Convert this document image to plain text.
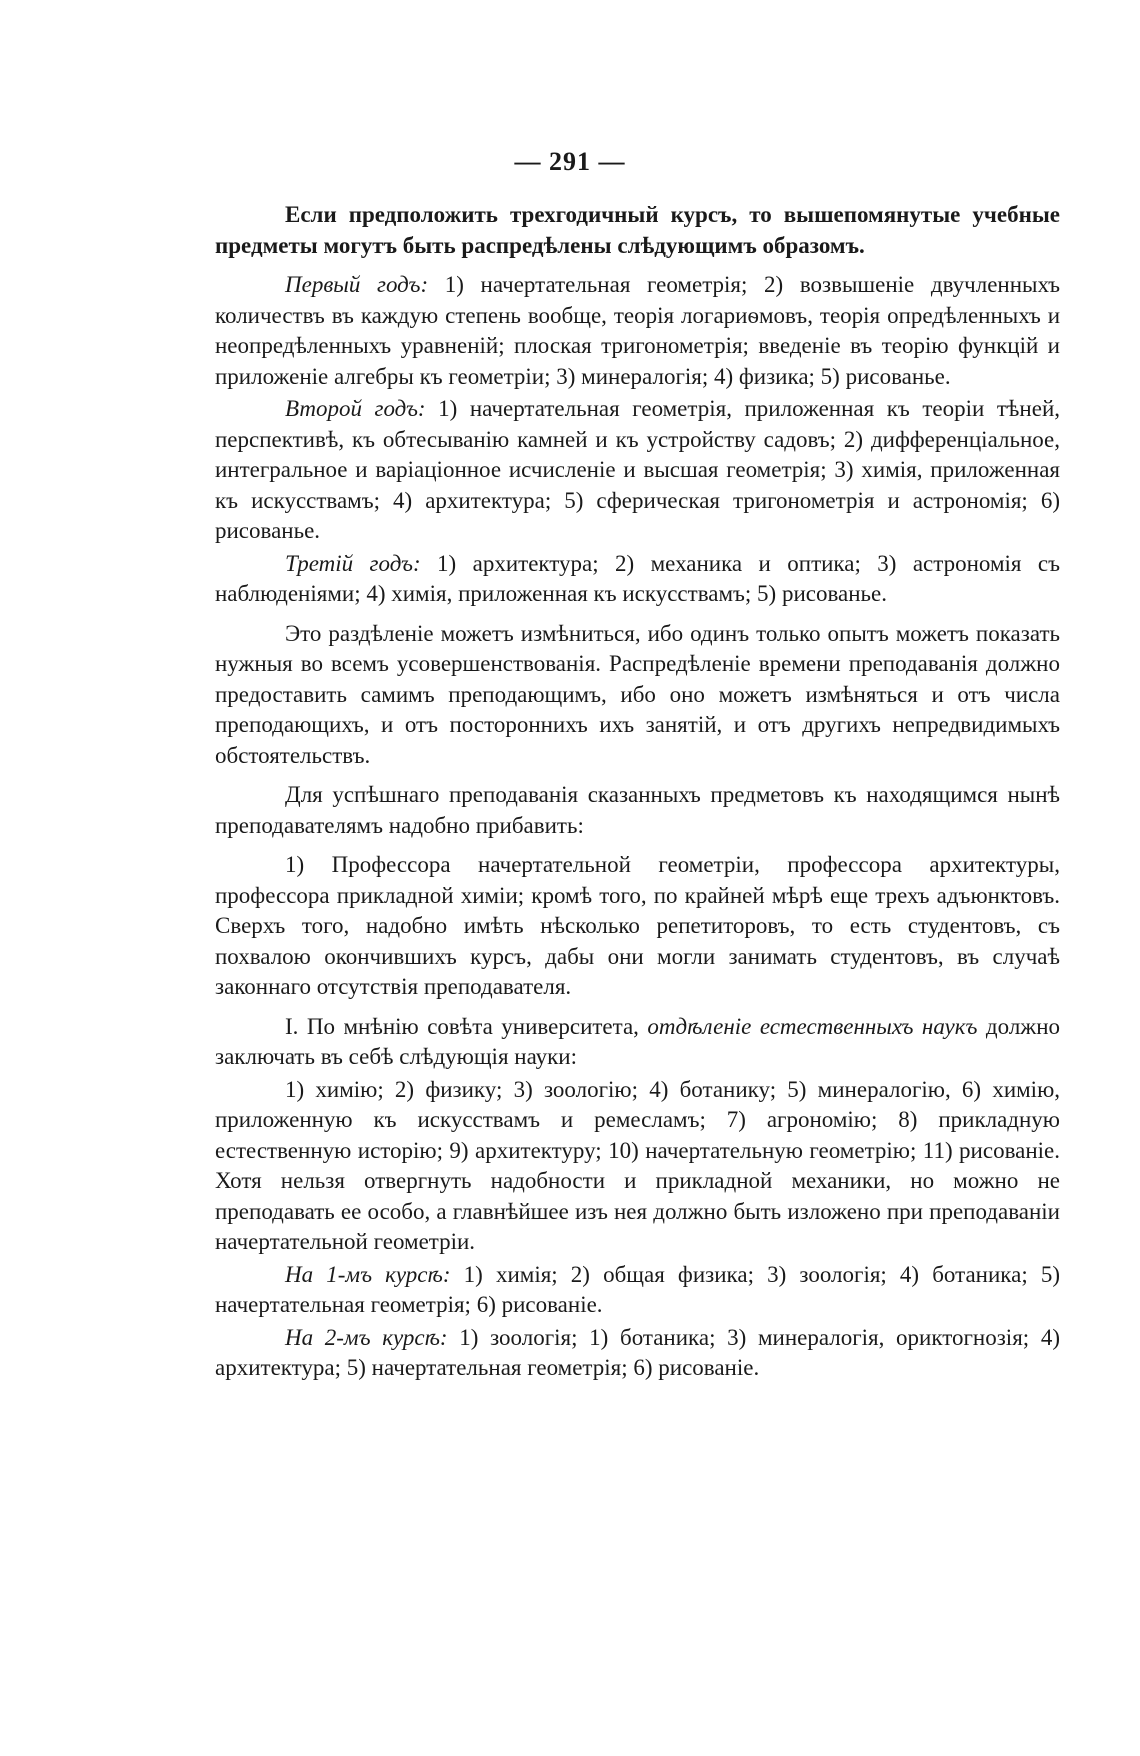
— 291 —

Если предположить трехгодичный курсъ, то вышепомянутые учебные предметы могутъ быть распредѣлены слѣдующимъ образомъ.

Первый годъ: 1) начертательная геометрія; 2) возвышеніе двучленныхъ количествъ въ каждую степень вообще, теорія логариѳмовъ, теорія опредѣленныхъ и неопредѣленныхъ уравненій; плоская тригонометрія; введеніе въ теорію функцій и приложеніе алгебры къ геометріи; 3) минералогія; 4) физика; 5) рисованье.

Второй годъ: 1) начертательная геометрія, приложенная къ теоріи тѣней, перспективѣ, къ обтесыванію камней и къ устройству садовъ; 2) дифференціальное, интегральное и варіаціонное исчисленіе и высшая геометрія; 3) химія, приложенная къ искусствамъ; 4) архитектура; 5) сферическая тригонометрія и астрономія; 6) рисованье.

Третій годъ: 1) архитектура; 2) механика и оптика; 3) астрономія съ наблюденіями; 4) химія, приложенная къ искусствамъ; 5) рисованье.

Это раздѣленіе можетъ измѣниться, ибо одинъ только опытъ можетъ показать нужныя во всемъ усовершенствованія. Распредѣленіе времени преподаванія должно предоставить самимъ преподающимъ, ибо оно можетъ измѣняться и отъ числа преподающихъ, и отъ постороннихъ ихъ занятій, и отъ другихъ непредвидимыхъ обстоятельствъ.

Для успѣшнаго преподаванія сказанныхъ предметовъ къ находящимся нынѣ преподавателямъ надобно прибавить:

1) Профессора начертательной геометріи, профессора архитектуры, профессора прикладной химіи; кромѣ того, по крайней мѣрѣ еще трехъ адъюнктовъ. Сверхъ того, надобно имѣть нѣсколько репетиторовъ, то есть студентовъ, съ похвалою окончившихъ курсъ, дабы они могли занимать студентовъ, въ случаѣ законнаго отсутствія преподавателя.

I. По мнѣнію совѣта университета, отдѣленіе естественныхъ наукъ должно заключать въ себѣ слѣдующія науки:

1) химію; 2) физику; 3) зоологію; 4) ботанику; 5) минералогію, 6) химію, приложенную къ искусствамъ и ремесламъ; 7) агрономію; 8) прикладную естественную исторію; 9) архитектуру; 10) начертательную геометрію; 11) рисованіе. Хотя нельзя отвергнуть надобности и прикладной механики, но можно не преподавать ее особо, а главнѣйшее изъ нея должно быть изложено при преподаваніи начертательной геометріи.

На 1-мъ курсѣ: 1) химія; 2) общая физика; 3) зоологія; 4) ботаника; 5) начертательная геометрія; 6) рисованіе.

На 2-мъ курсѣ: 1) зоологія; 1) ботаника; 3) минералогія, ориктогнозія; 4) архитектура; 5) начертательная геометрія; 6) рисованіе.
